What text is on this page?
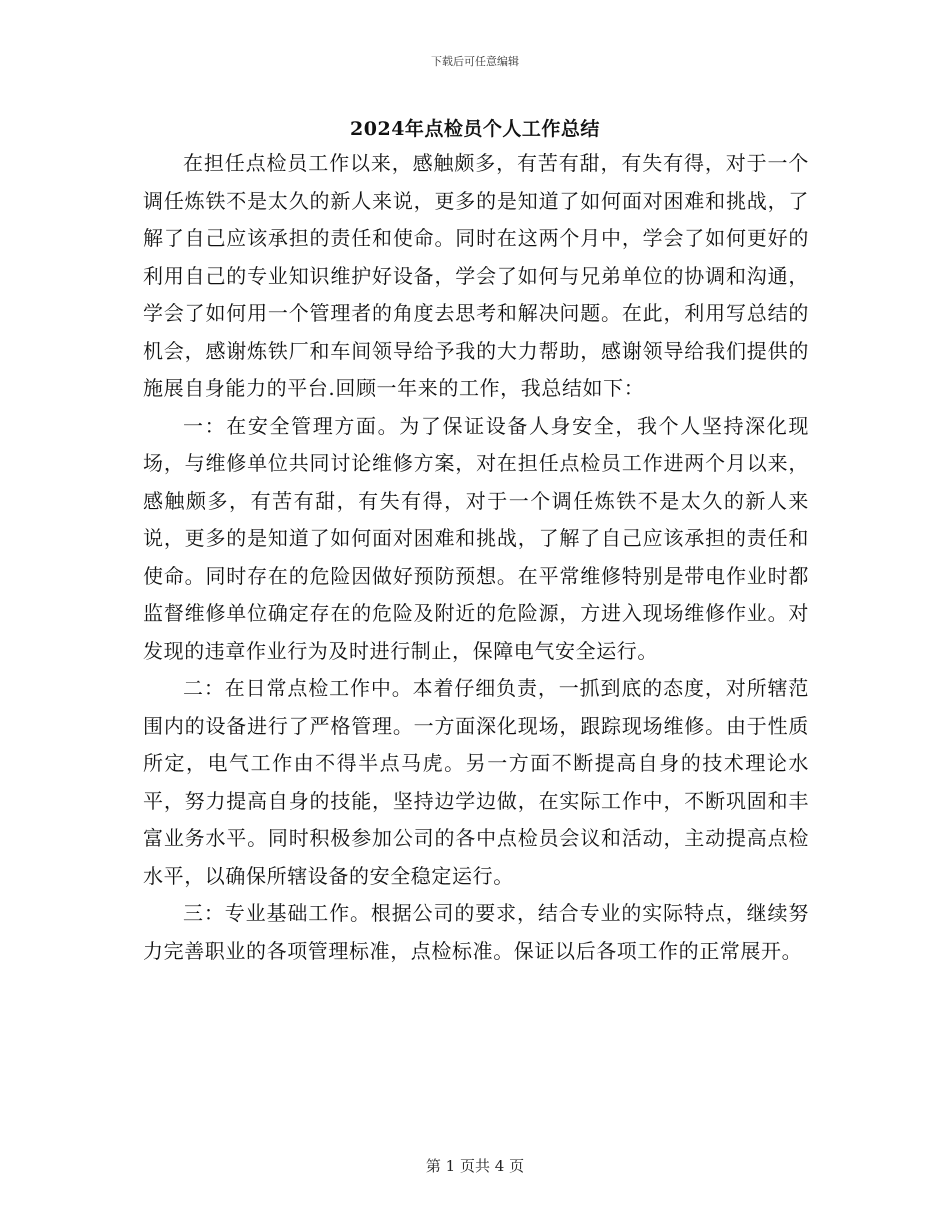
下载后可任意编辑
2024年点检员个人工作总结

在担任点检员工作以来，感触颇多，有苦有甜，有失有得，对于一个调任炼铁不是太久的新人来说，更多的是知道了如何面对困难和挑战，了解了自己应该承担的责任和使命。同时在这两个月中，学会了如何更好的利用自己的专业知识维护好设备，学会了如何与兄弟单位的协调和沟通，学会了如何用一个管理者的角度去思考和解决问题。在此，利用写总结的机会，感谢炼铁厂和车间领导给予我的大力帮助，感谢领导给我们提供的施展自身能力的平台.回顾一年来的工作，我总结如下：

一：在安全管理方面。为了保证设备人身安全，我个人坚持深化现场，与维修单位共同讨论维修方案，对在担任点检员工作进两个月以来，感触颇多，有苦有甜，有失有得，对于一个调任炼铁不是太久的新人来说，更多的是知道了如何面对困难和挑战，了解了自己应该承担的责任和使命。同时存在的危险因做好预防预想。在平常维修特别是带电作业时都监督维修单位确定存在的危险及附近的危险源，方进入现场维修作业。对发现的违章作业行为及时进行制止，保障电气安全运行。

二：在日常点检工作中。本着仔细负责，一抓到底的态度，对所辖范围内的设备进行了严格管理。一方面深化现场，跟踪现场维修。由于性质所定，电气工作由不得半点马虎。另一方面不断提高自身的技术理论水平，努力提高自身的技能，坚持边学边做，在实际工作中，不断巩固和丰富业务水平。同时积极参加公司的各中点检员会议和活动，主动提高点检水平，以确保所辖设备的安全稳定运行。

三：专业基础工作。根据公司的要求，结合专业的实际特点，继续努力完善职业的各项管理标准，点检标准。保证以后各项工作的正常展开。

第 1 页共 4 页
